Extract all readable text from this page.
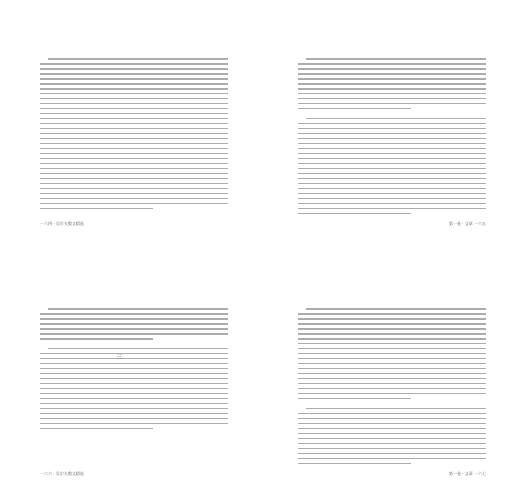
一六四 · 吴尔夫散文精选	第一卷 · 文章 一六五
三
一六六 · 吴尔夫散文精选	第一卷 · 文章 一六七
